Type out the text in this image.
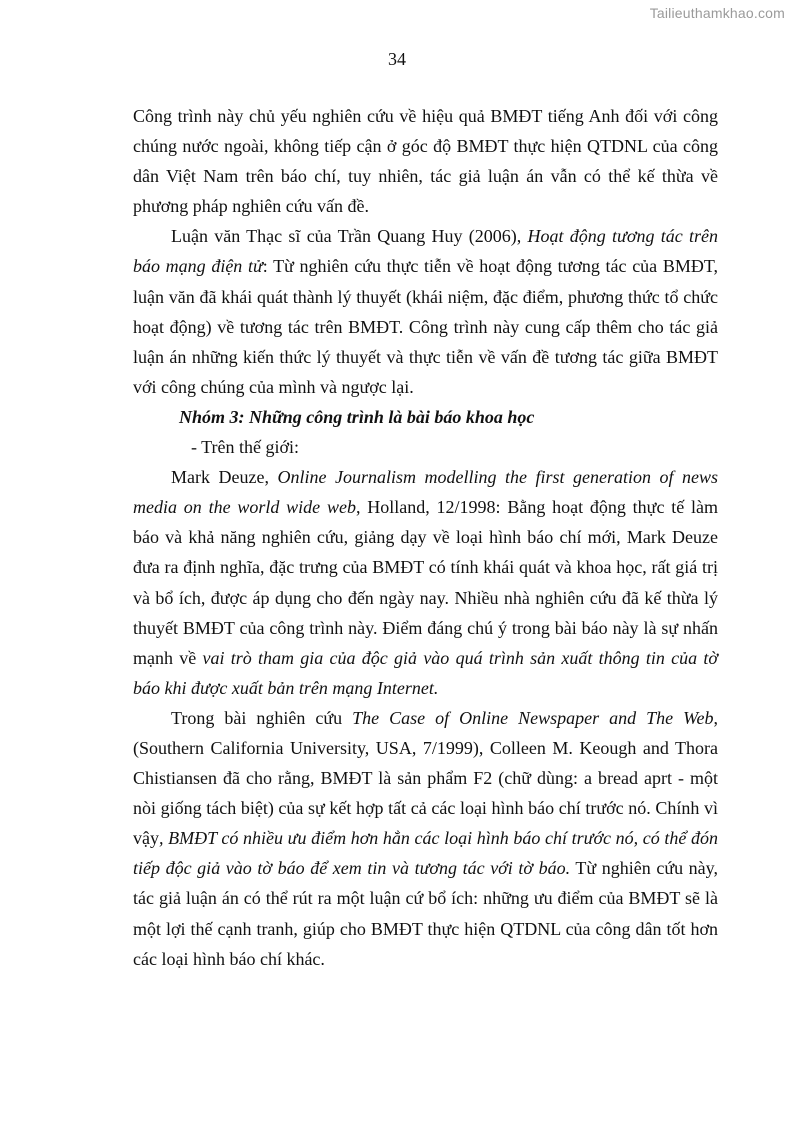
Tailieuthamkhao.com
34

Công trình này chủ yếu nghiên cứu về hiệu quả BMĐT tiếng Anh đối với công chúng nước ngoài, không tiếp cận ở góc độ BMĐT thực hiện QTDNL của công dân Việt Nam trên báo chí, tuy nhiên, tác giả luận án vẫn có thể kế thừa về phương pháp nghiên cứu vấn đề.

Luận văn Thạc sĩ của Trần Quang Huy (2006), Hoạt động tương tác trên báo mạng điện tử: Từ nghiên cứu thực tiễn về hoạt động tương tác của BMĐT, luận văn đã khái quát thành lý thuyết (khái niệm, đặc điểm, phương thức tổ chức hoạt động) về tương tác trên BMĐT. Công trình này cung cấp thêm cho tác giả luận án những kiến thức lý thuyết và thực tiễn về vấn đề tương tác giữa BMĐT với công chúng của mình và ngược lại.

Nhóm 3: Những công trình là bài báo khoa học

- Trên thế giới:

Mark Deuze, Online Journalism modelling the first generation of news media on the world wide web, Holland, 12/1998: Bằng hoạt động thực tế làm báo và khả năng nghiên cứu, giảng dạy về loại hình báo chí mới, Mark Deuze đưa ra định nghĩa, đặc trưng của BMĐT có tính khái quát và khoa học, rất giá trị và bổ ích, được áp dụng cho đến ngày nay. Nhiều nhà nghiên cứu đã kế thừa lý thuyết BMĐT của công trình này. Điểm đáng chú ý trong bài báo này là sự nhấn mạnh về vai trò tham gia của độc giả vào quá trình sản xuất thông tin của tờ báo khi được xuất bản trên mạng Internet.

Trong bài nghiên cứu The Case of Online Newspaper and The Web, (Southern California University, USA, 7/1999), Colleen M. Keough and Thora Chistiansen đã cho rằng, BMĐT là sản phẩm F2 (chữ dùng: a bread aprt - một nòi giống tách biệt) của sự kết hợp tất cả các loại hình báo chí trước nó. Chính vì vậy, BMĐT có nhiều ưu điểm hơn hẳn các loại hình báo chí trước nó, có thể đón tiếp độc giả vào tờ báo để xem tin và tương tác với tờ báo. Từ nghiên cứu này, tác giả luận án có thể rút ra một luận cứ bổ ích: những ưu điểm của BMĐT sẽ là một lợi thế cạnh tranh, giúp cho BMĐT thực hiện QTDNL của công dân tốt hơn các loại hình báo chí khác.
